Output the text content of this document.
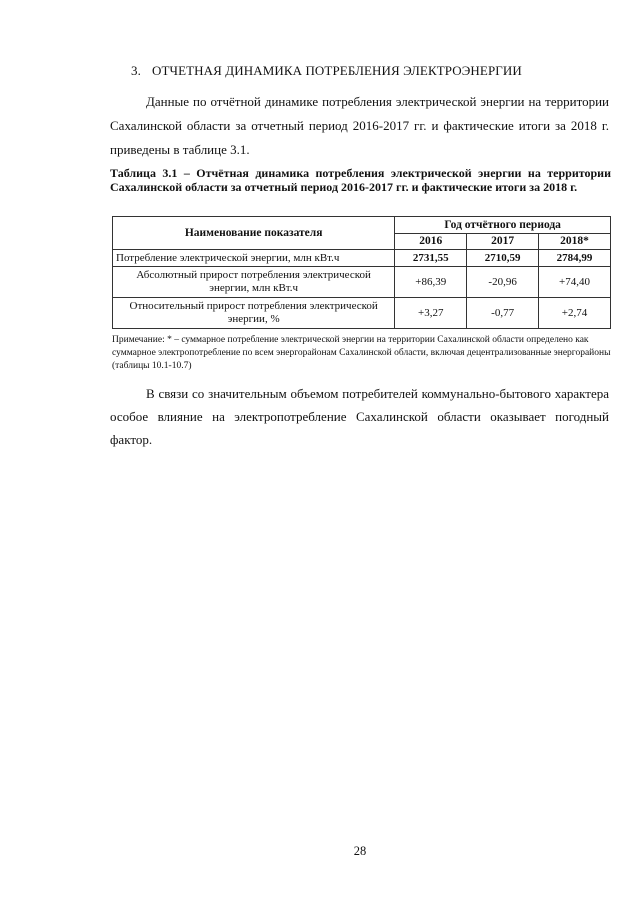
3. ОТЧЕТНАЯ ДИНАМИКА ПОТРЕБЛЕНИЯ ЭЛЕКТРОЭНЕРГИИ
Данные по отчётной динамике потребления электрической энергии на территории Сахалинской области за отчетный период 2016-2017 гг. и фактические итоги за 2018 г. приведены в таблице 3.1.
Таблица 3.1 – Отчётная динамика потребления электрической энергии на территории Сахалинской области за отчетный период 2016-2017 гг. и фактические итоги за 2018 г.
Наименование показателя	Год отчётного периода		
	2016	2017	2018*
Потребление электрической энергии, млн кВт.ч	2731,55	2710,59	2784,99
Абсолютный прирост потребления электрической энергии, млн кВт.ч	+86,39	-20,96	+74,40
Относительный прирост потребления электрической энергии, %	+3,27	-0,77	+2,74
Примечание: * – суммарное потребление электрической энергии на территории Сахалинской области определено как суммарное электропотребление по всем энергорайонам Сахалинской области, включая децентрализованные энергорайоны (таблицы 10.1-10.7)
В связи со значительным объемом потребителей коммунально-бытового характера особое влияние на электропотребление Сахалинской области оказывает погодный фактор.
28
